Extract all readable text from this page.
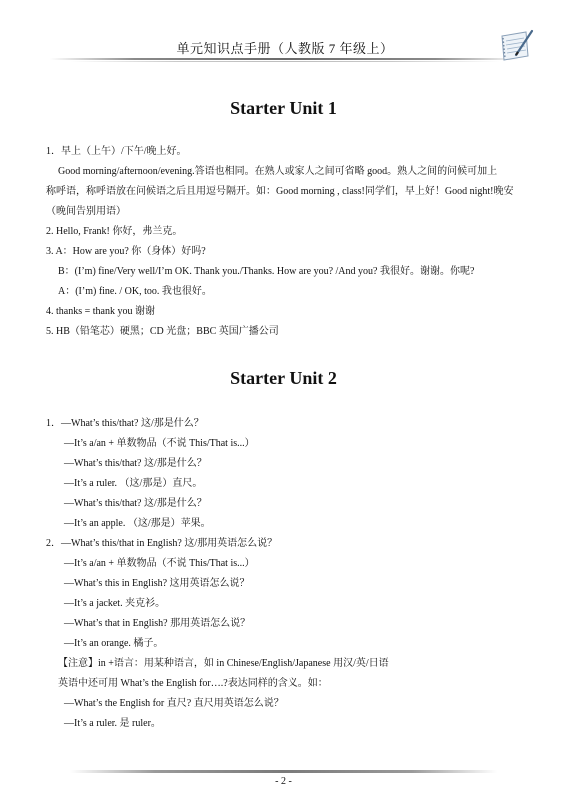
单元知识点手册（人教版 7 年级上）
Starter Unit 1
1．早上（上午）/下午/晚上好。
Good morning/afternoon/evening.答语也相同。在熟人或家人之间可省略 good。熟人之间的问候可加上
称呼语，称呼语放在问候语之后且用逗号隔开。如：Good morning , class!同学们，早上好！Good night!晚安
（晚间告别用语）
2. Hello, Frank! 你好，弗兰克。
3. A：How are you? 你（身体）好吗?
B：(I’m) fine/Very well/I’m OK. Thank you./Thanks. How are you? /And you? 我很好。谢谢。你呢?
A：(I’m) fine. / OK, too. 我也很好。
4. thanks = thank you 谢谢
5. HB（铅笔芯）硬黑；CD 光盘；BBC 英国广播公司
Starter Unit 2
1．—What’s this/that? 这/那是什么？
—It’s a/an + 单数物品（不说 This/That is...）
—What’s this/that? 这/那是什么？
—It’s a ruler. （这/那是）直尺。
—What’s this/that? 这/那是什么？
—It’s an apple. （这/那是）苹果。
2．—What’s this/that in English? 这/那用英语怎么说？
—It’s a/an + 单数物品（不说 This/That is...）
—What’s this in English? 这用英语怎么说？
—It’s a jacket. 夹克衫。
—What’s that in English? 那用英语怎么说？
—It’s an orange. 橘子。
【注意】in +语言：用某种语言，如 in Chinese/English/Japanese 用汉/英/日语
英语中还可用 What’s the English for….?表达同样的含义。如：
—What’s the English for 直尺? 直尺用英语怎么说？
—It’s a ruler. 是 ruler。
- 2 -
